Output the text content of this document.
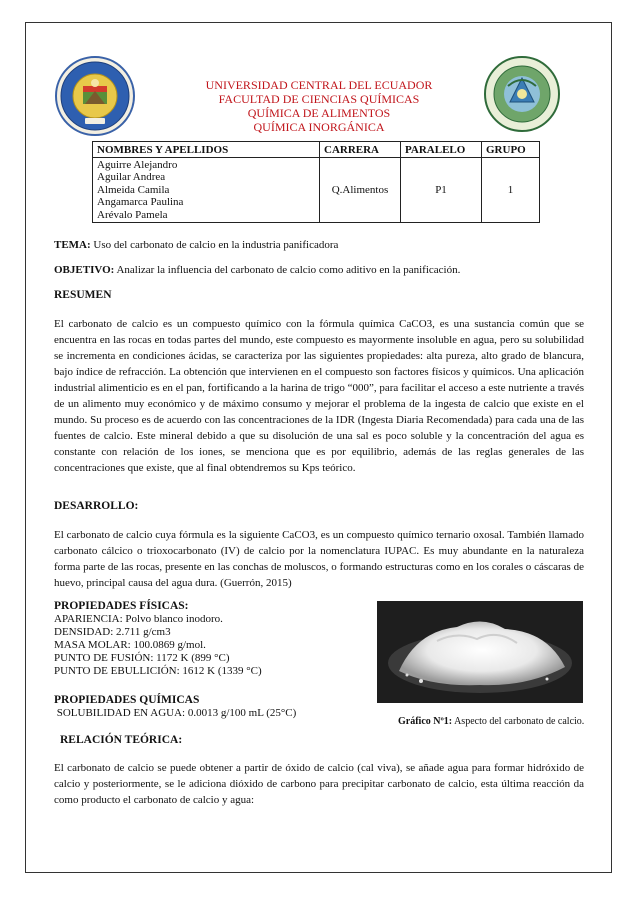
UNIVERSIDAD CENTRAL DEL ECUADOR
FACULTAD DE CIENCIAS QUÍMICAS
QUÍMICA DE ALIMENTOS
QUÍMICA INORGÁNICA
NOMBRES Y APELLIDOS	CARRERA	PARALELO	GRUPO

Aguirre Alejandro
Aguilar Andrea
Almeida Camila
Angamarca Paulina
Arévalo Pamela	Q.Alimentos	P1	1
TEMA: Uso del carbonato de calcio en la industria panificadora
OBJETIVO: Analizar la influencia del carbonato de calcio como aditivo en la panificación.
RESUMEN
El carbonato de calcio es un compuesto químico con la fórmula química CaCO3, es una sustancia común que se encuentra en las rocas en todas partes del mundo, este compuesto es mayormente insoluble en agua, pero su solubilidad se incrementa en condiciones ácidas, se caracteriza por las siguientes propiedades: alta pureza, alto grado de blancura, bajo índice de refracción. La obtención que intervienen en el compuesto son factores físicos y químicos. Una aplicación industrial alimenticio es en el pan, fortificando a la harina de trigo “000”, para facilitar el acceso a este nutriente a través de un alimento muy económico y de máximo consumo y mejorar el problema de la ingesta de calcio que existe en el mundo. Su proceso es de acuerdo con las concentraciones de la IDR (Ingesta Diaria Recomendada) para cada una de las fuentes de calcio. Este mineral debido a que su disolución de una sal es poco soluble y la concentración del agua es constante con relación de los iones, se menciona que es por equilibrio, además de las reglas generales de las concentraciones que existe, que al final obtendremos su Kps teórico.
DESARROLLO:
El carbonato de calcio cuya fórmula es la siguiente CaCO3, es un compuesto químico ternario oxosal. También llamado carbonato cálcico o trioxocarbonato (IV) de calcio por la nomenclatura IUPAC. Es muy abundante en la naturaleza forma parte de las rocas, presente en las conchas de moluscos, o formando estructuras como en los corales o cáscaras de huevo, principal causa del agua dura. (Guerrón, 2015)
PROPIEDADES FÍSICAS:
APARIENCIA: Polvo blanco inodoro.
DENSIDAD: 2.711 g/cm3
MASA MOLAR: 100.0869 g/mol.
PUNTO DE FUSIÓN: 1172 K (899 °C)
PUNTO DE EBULLICIÓN: 1612 K (1339 °C)
PROPIEDADES QUÍMICAS
SOLUBILIDAD EN AGUA: 0.0013 g/100 mL (25°C)
Gráfico Nº1: Aspecto del carbonato de calcio.
RELACIÓN TEÓRICA:
El carbonato de calcio se puede obtener a partir de óxido de calcio (cal viva), se añade agua para formar hidróxido de calcio y posteriormente, se le adiciona dióxido de carbono para precipitar carbonato de calcio, esta última reacción da como producto el carbonato de calcio y agua:
